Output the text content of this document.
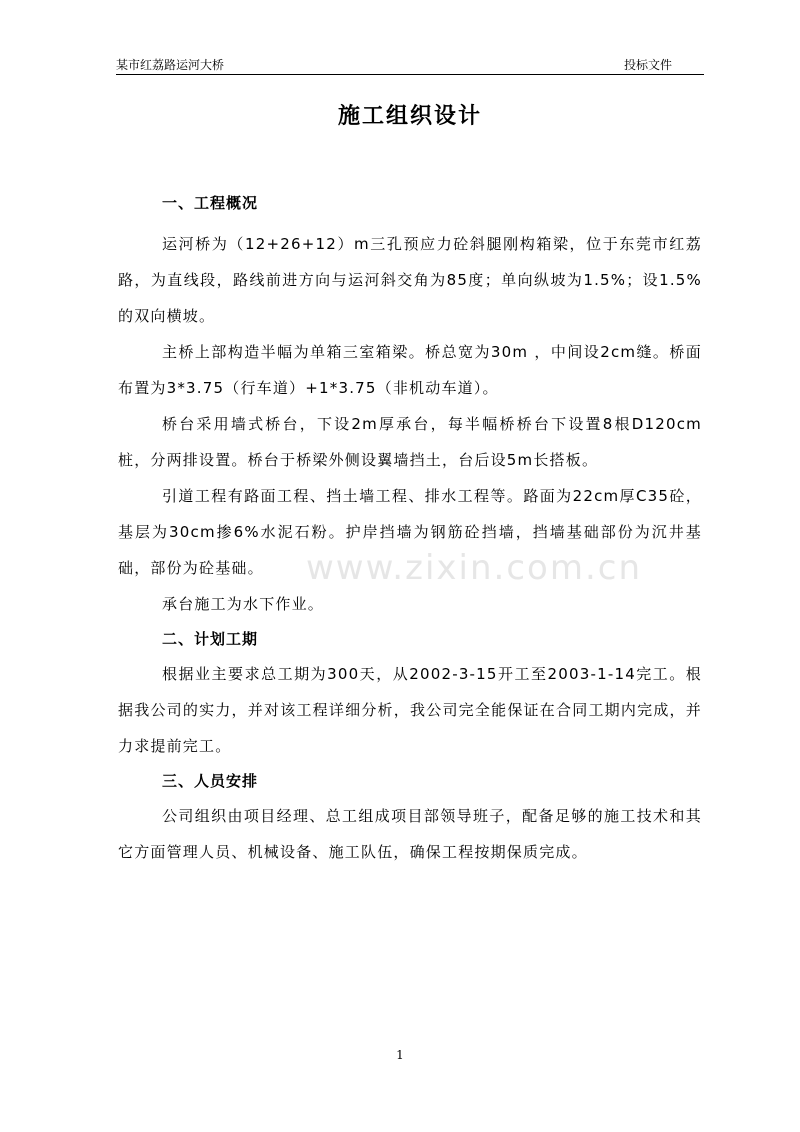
某市红荔路运河大桥	投标文件
施工组织设计
一、工程概况

运河桥为（12+26+12）m三孔预应力砼斜腿刚构箱梁，位于东莞市红荔路，为直线段，路线前进方向与运河斜交角为85度；单向纵坡为1.5%；设1.5%的双向横坡。

主桥上部构造半幅为单箱三室箱梁。桥总宽为30m ，中间设2cm缝。桥面布置为3*3.75（行车道）+1*3.75（非机动车道）。

桥台采用墙式桥台，下设2m厚承台，每半幅桥桥台下设置8根D120cm桩，分两排设置。桥台于桥梁外侧设翼墙挡土，台后设5m长搭板。

引道工程有路面工程、挡土墙工程、排水工程等。路面为22cm厚C35砼，基层为30cm掺6%水泥石粉。护岸挡墙为钢筋砼挡墙，挡墙基础部份为沉井基础，部份为砼基础。

承台施工为水下作业。

二、计划工期

根据业主要求总工期为300天，从2002-3-15开工至2003-1-14完工。根据我公司的实力，并对该工程详细分析，我公司完全能保证在合同工期内完成，并力求提前完工。

三、人员安排

公司组织由项目经理、总工组成项目部领导班子，配备足够的施工技术和其它方面管理人员、机械设备、施工队伍，确保工程按期保质完成。

www.zixin.com.cn
1
